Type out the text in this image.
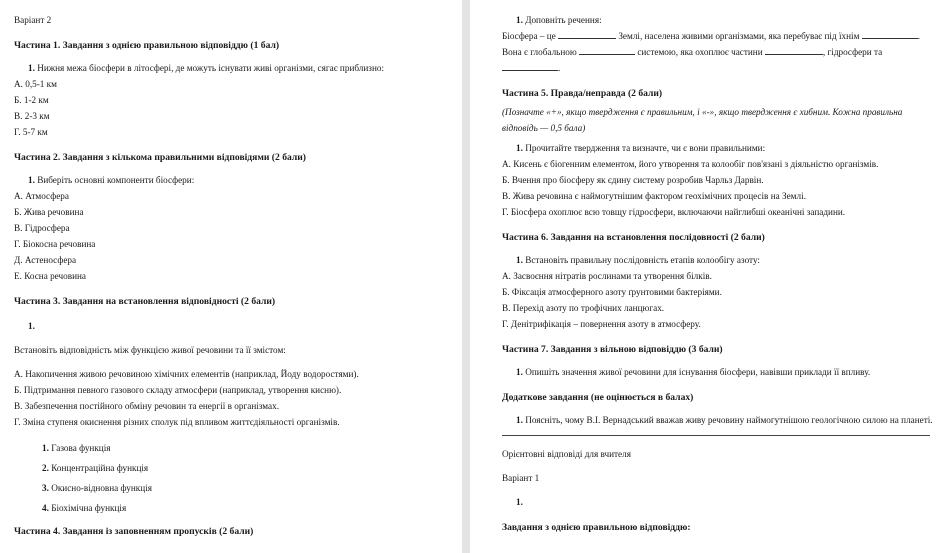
Варіант 2
Частина 1. Завдання з однією правильною відповіддю (1 бал)
1. Нижня межа біосфери в літосфері, де можуть існувати живі організми, сягає приблизно:
А. 0,5-1 км
Б. 1-2 км
В. 2-3 км
Г. 5-7 км
Частина 2. Завдання з кількома правильними відповідями (2 бали)
1. Виберіть основні компоненти біосфери:
А. Атмосфера
Б. Жива речовина
В. Гідросфера
Г. Біокосна речовина
Д. Астеносфера
Е. Косна речовина
Частина 3. Завдання на встановлення відповідності (2 бали)
1.
Встановіть відповідність між функцією живої речовини та її змістом:
А. Накопичення живою речовиною хімічних елементів (наприклад, Йоду водоростями).
Б. Підтримання певного газового складу атмосфери (наприклад, утворення кисню).
В. Забезпечення постійного обміну речовин та енергії в організмах.
Г. Зміна ступеня окиснення різних сполук під впливом життєдіяльності організмів.
1. Газова функція
2. Концентраційна функція
3. Окисно-відновна функція
4. Біохімічна функція
Частина 4. Завдання із заповненням пропусків (2 бали)
1. Доповніть речення:
Біосфера – це	Землі, населена живими організмами, яка перебуває під їхнім	.
Вона є глобальною	системою, яка охоплює частини	, гідросфери та
.
Частина 5. Правда/неправда (2 бали)
(Позначте «+», якщо твердження є правильним, і «-», якщо твердження є хибним. Кожна правильна відповідь — 0,5 бала)
1. Прочитайте твердження та визначте, чи є вони правильними:
А. Кисень є біогенним елементом, його утворення та колообіг пов'язані з діяльністю організмів.
Б. Вчення про біосферу як єдину систему розробив Чарльз Дарвін.
В. Жива речовина є наймогутнішим фактором геохімічних процесів на Землі.
Г. Біосфера охоплює всю товщу гідросфери, включаючи найглибші океанічні западини.
Частина 6. Завдання на встановлення послідовності (2 бали)
1. Встановіть правильну послідовність етапів колообігу азоту:
А. Засвоєння нітратів рослинами та утворення білків.
Б. Фіксація атмосферного азоту ґрунтовими бактеріями.
В. Перехід азоту по трофічних ланцюгах.
Г. Денітрифікація – повернення азоту в атмосферу.
Частина 7. Завдання з вільною відповіддю (3 бали)
1. Опишіть значення живої речовини для існування біосфери, навівши приклади її впливу.
Додаткове завдання (не оцінюється в балах)
1. Поясніть, чому В.І. Вернадський вважав живу речовину наймогутнішою геологічною силою на планеті.
Орієнтовні відповіді для вчителя
Варіант 1
1.
Завдання з однією правильною відповіддю:
